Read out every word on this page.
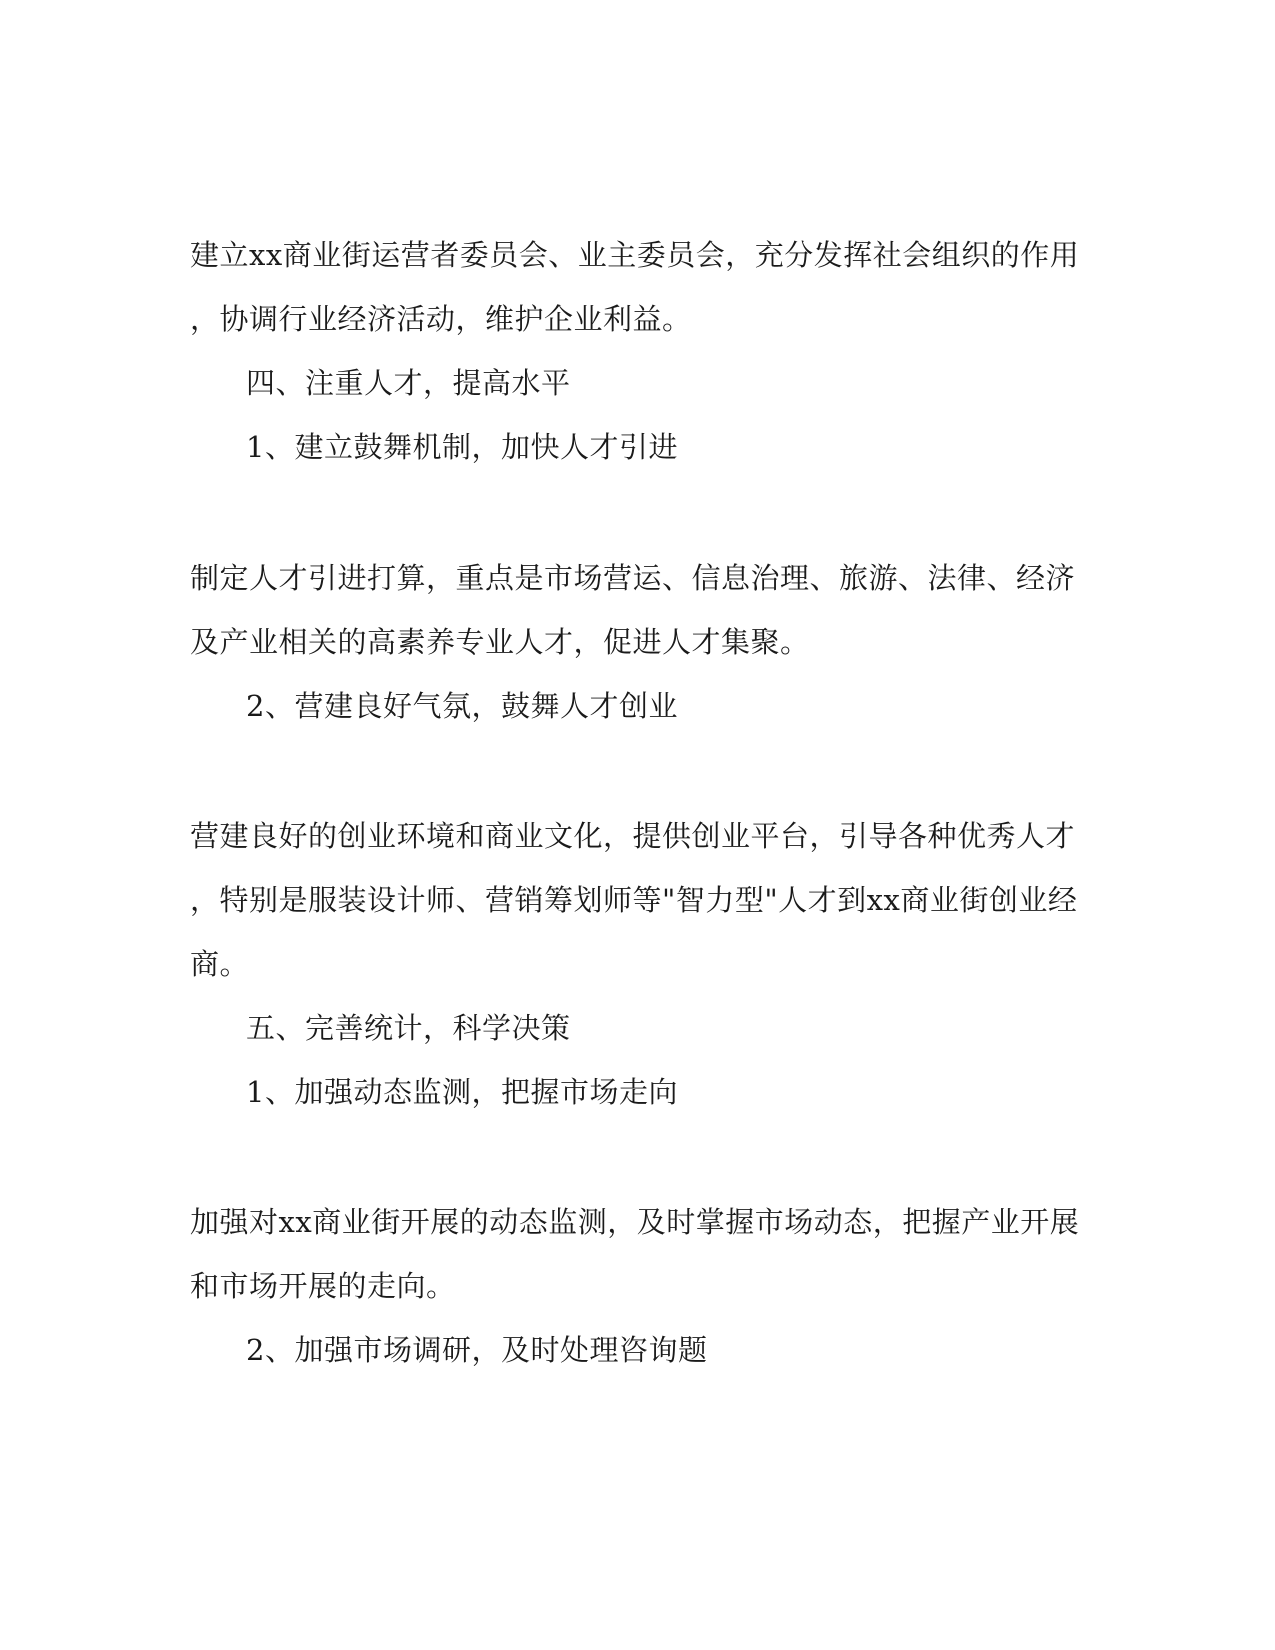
建立xx商业街运营者委员会、业主委员会，充分发挥社会组织的作用
，协调行业经济活动，维护企业利益。
四、注重人才，提高水平
1、建立鼓舞机制，加快人才引进
制定人才引进打算，重点是市场营运、信息治理、旅游、法律、经济
及产业相关的高素养专业人才，促进人才集聚。
2、营建良好气氛，鼓舞人才创业
营建良好的创业环境和商业文化，提供创业平台，引导各种优秀人才
，特别是服装设计师、营销筹划师等"智力型"人才到xx商业街创业经
商。
五、完善统计，科学决策
1、加强动态监测，把握市场走向
加强对xx商业街开展的动态监测，及时掌握市场动态，把握产业开展
和市场开展的走向。
2、加强市场调研，及时处理咨询题
